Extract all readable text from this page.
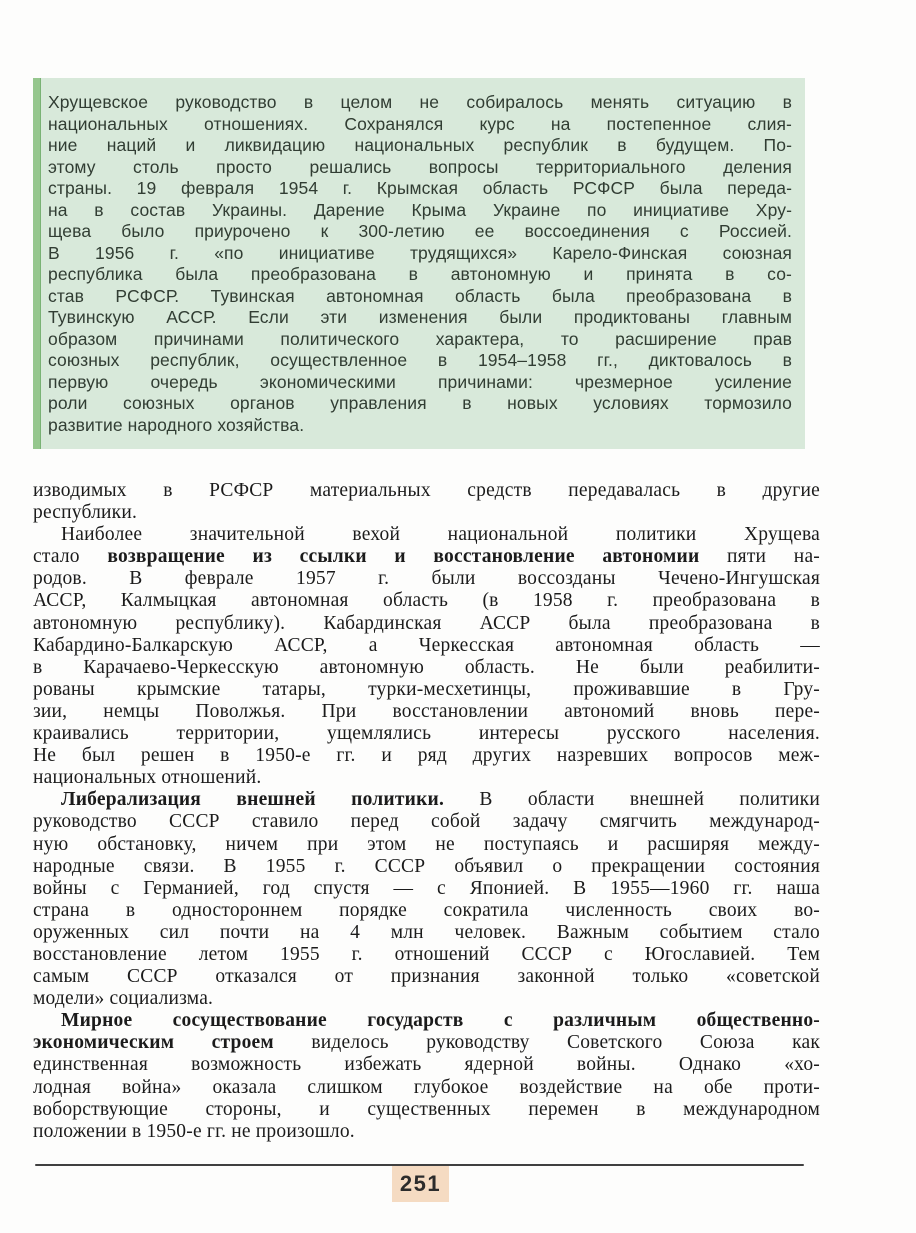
Хрущевское руководство в целом не собиралось менять ситуацию в
национальных отношениях. Сохранялся курс на постепенное слия-
ние наций и ликвидацию национальных республик в будущем. По-
этому столь просто решались вопросы территориального деления
страны. 19 февраля 1954 г. Крымская область РСФСР была переда-
на в состав Украины. Дарение Крыма Украине по инициативе Хру-
щева было приурочено к 300-летию ее воссоединения с Россией.
В 1956 г. «по инициативе трудящихся» Карело-Финская союзная
республика была преобразована в автономную и принята в со-
став РСФСР. Тувинская автономная область была преобразована в
Тувинскую АССР. Если эти изменения были продиктованы главным
образом причинами политического характера, то расширение прав
союзных республик, осуществленное в 1954–1958 гг., диктовалось в
первую очередь экономическими причинами: чрезмерное усиление
роли союзных органов управления в новых условиях тормозило
развитие народного хозяйства.
изводимых в РСФСР материальных средств передавалась в другие
республики.
Наиболее значительной вехой национальной политики Хрущева
стало возвращение из ссылки и восстановление автономии пяти на-
родов. В феврале 1957 г. были воссозданы Чечено-Ингушская
АССР, Калмыцкая автономная область (в 1958 г. преобразована в
автономную республику). Кабардинская АССР была преобразована в
Кабардино-Балкарскую АССР, а Черкесская автономная область —
в Карачаево-Черкесскую автономную область. Не были реабилити-
рованы крымские татары, турки-месхетинцы, проживавшие в Гру-
зии, немцы Поволжья. При восстановлении автономий вновь пере-
краивались территории, ущемлялись интересы русского населения.
Не был решен в 1950-е гг. и ряд других назревших вопросов меж-
национальных отношений.
Либерализация внешней политики. В области внешней политики
руководство СССР ставило перед собой задачу смягчить международ-
ную обстановку, ничем при этом не поступаясь и расширяя между-
народные связи. В 1955 г. СССР объявил о прекращении состояния
войны с Германией, год спустя — с Японией. В 1955—1960 гг. наша
страна в одностороннем порядке сократила численность своих во-
оруженных сил почти на 4 млн человек. Важным событием стало
восстановление летом 1955 г. отношений СССР с Югославией. Тем
самым СССР отказался от признания законной только «советской
модели» социализма.
Мирное сосуществование государств с различным общественно-
экономическим строем виделось руководству Советского Союза как
единственная возможность избежать ядерной войны. Однако «хо-
лодная война» оказала слишком глубокое воздействие на обе проти-
воборствующие стороны, и существенных перемен в международном
положении в 1950-е гг. не произошло.
251
